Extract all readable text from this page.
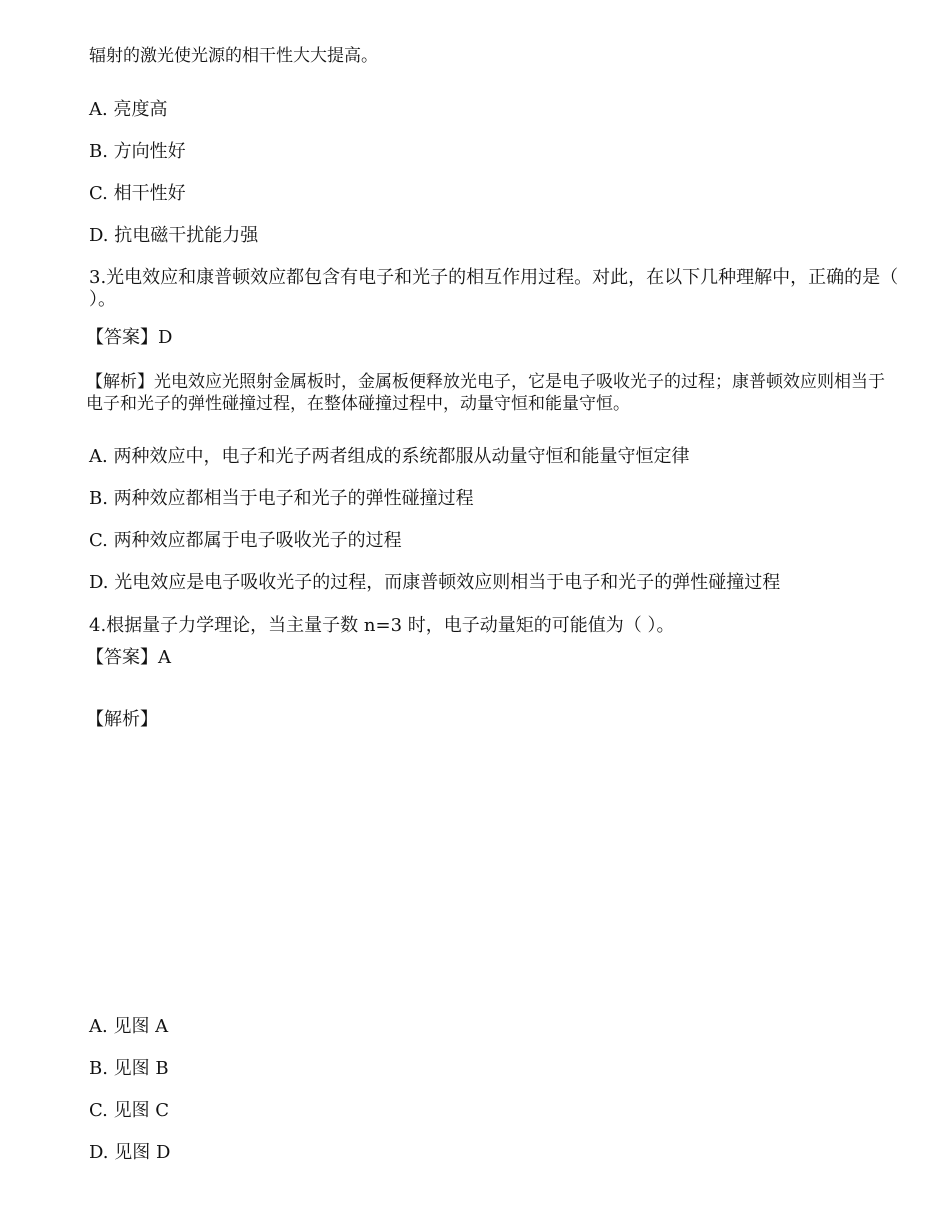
辐射的激光使光源的相干性大大提高。
A. 亮度高
B. 方向性好
C. 相干性好
D. 抗电磁干扰能力强
3.光电效应和康普顿效应都包含有电子和光子的相互作用过程。对此，在以下几种理解中，正确的是（ ）。
【答案】D
【解析】光电效应光照射金属板时，金属板便释放光电子，它是电子吸收光子的过程；康普顿效应则相当于电子和光子的弹性碰撞过程，在整体碰撞过程中，动量守恒和能量守恒。
A. 两种效应中，电子和光子两者组成的系统都服从动量守恒和能量守恒定律
B. 两种效应都相当于电子和光子的弹性碰撞过程
C. 两种效应都属于电子吸收光子的过程
D. 光电效应是电子吸收光子的过程，而康普顿效应则相当于电子和光子的弹性碰撞过程
4.根据量子力学理论，当主量子数 n=3 时，电子动量矩的可能值为（ ）。
【答案】A
【解析】
A. 见图 A
B. 见图 B
C. 见图 C
D. 见图 D
